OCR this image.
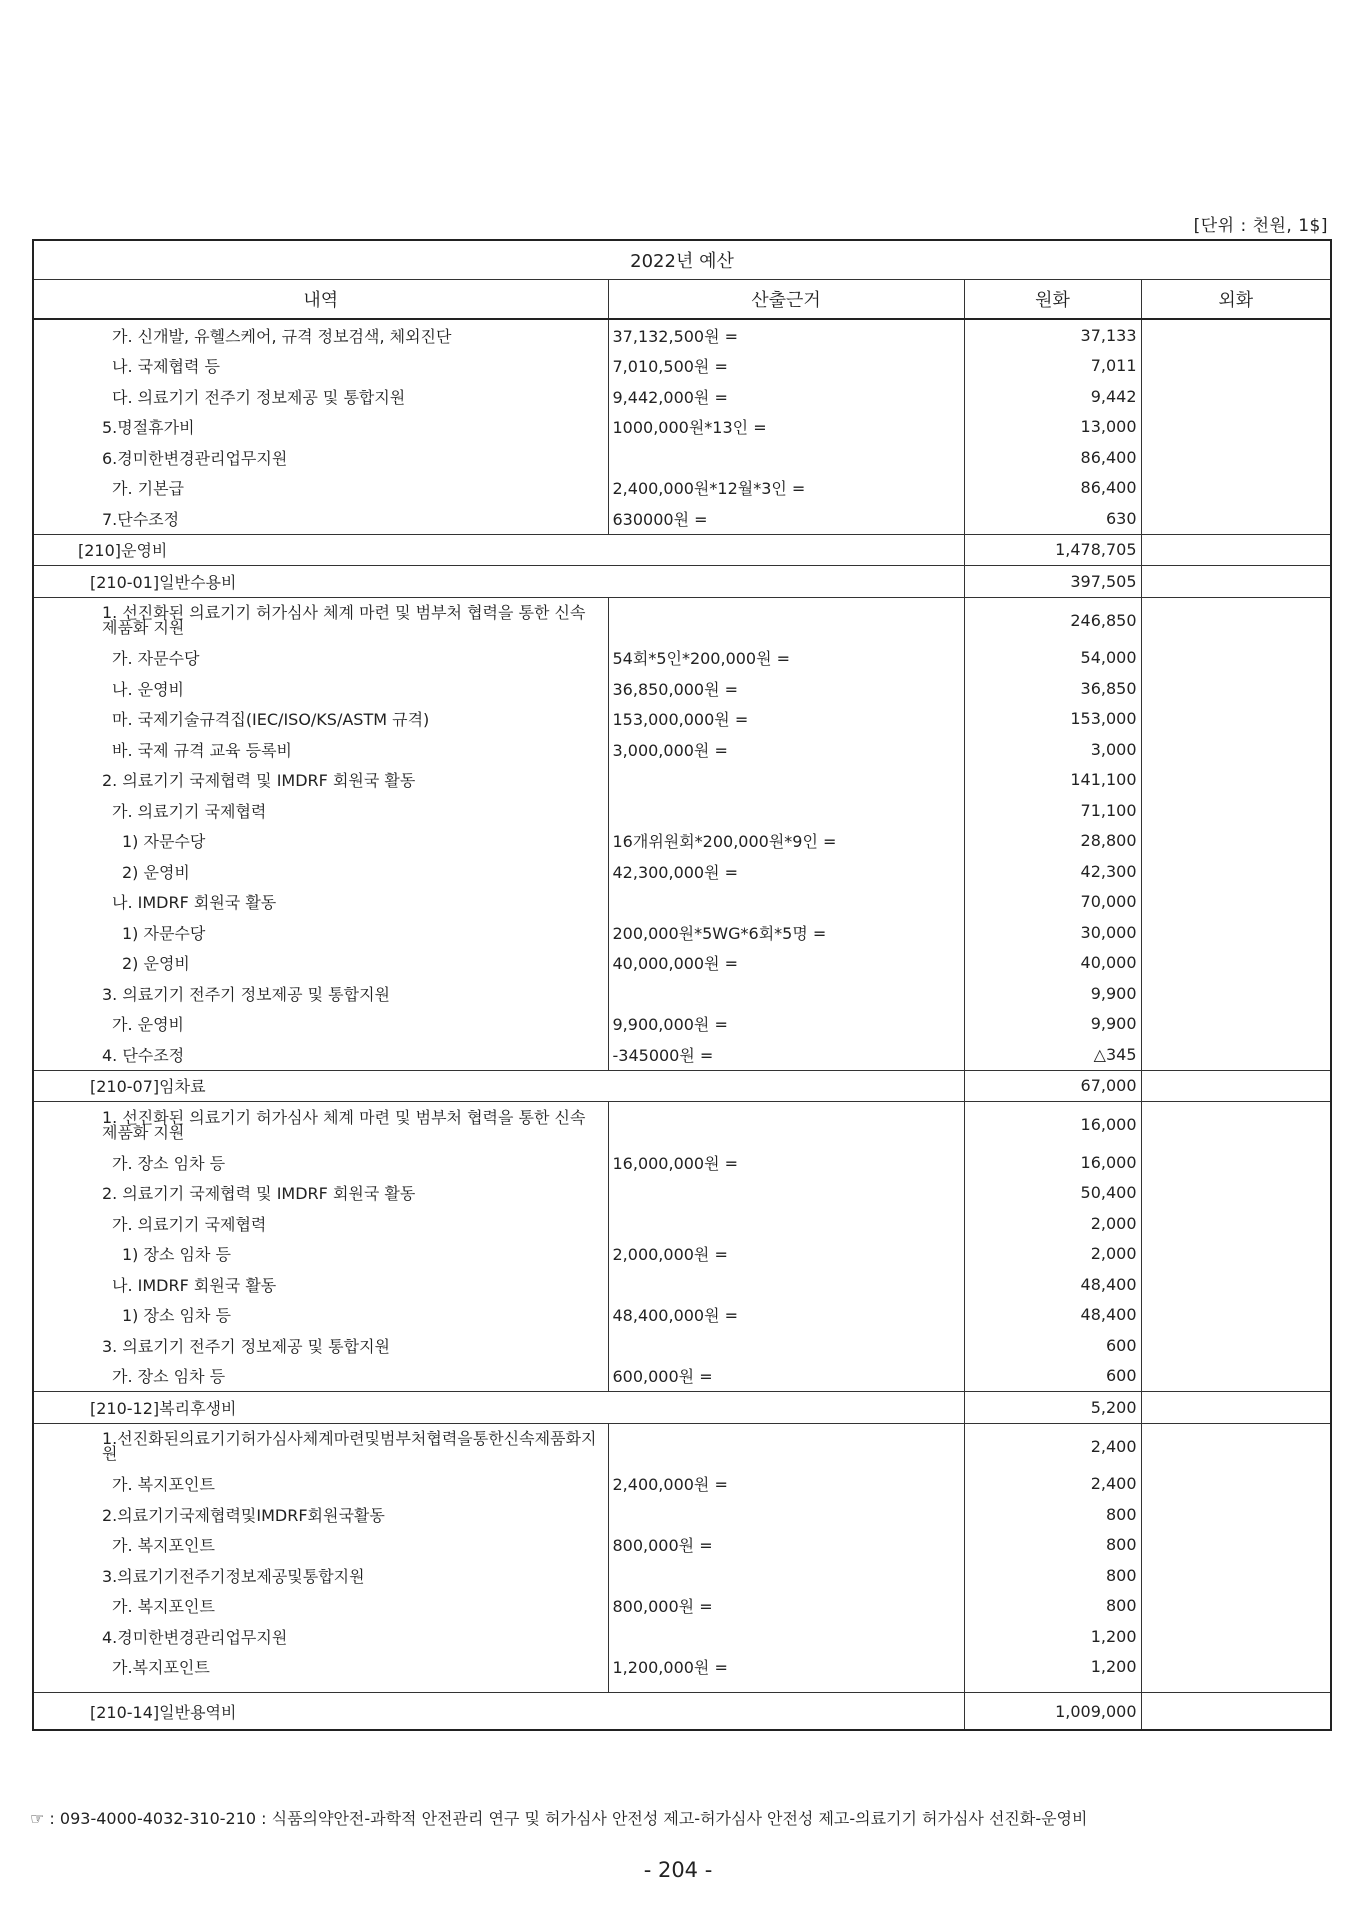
[단위 : 천원, 1$]
2022년 예산			
내역	산출근거	원화	외화
가. 신개발, 유헬스케어, 규격 정보검색, 체외진단	37,132,500원 =	37,133	
나. 국제협력 등	7,010,500원 =	7,011	
다. 의료기기 전주기 정보제공 및 통합지원	9,442,000원 =	9,442	
5.명절휴가비	1000,000원*13인 =	13,000	
6.경미한변경관리업무지원		86,400	
가. 기본급	2,400,000원*12월*3인 =	86,400	
7.단수조정	630000원 =	630	
[210]운영비		1,478,705	
[210-01]일반수용비		397,505	
1. 선진화된 의료기기 허가심사 체계 마련 및 범부처 협력을 통한 신속 제품화 지원		246,850	
가. 자문수당	54회*5인*200,000원 =	54,000	
나. 운영비	36,850,000원 =	36,850	
마. 국제기술규격집(IEC/ISO/KS/ASTM 규격)	153,000,000원 =	153,000	
바. 국제 규격 교육 등록비	3,000,000원 =	3,000	
2. 의료기기 국제협력 및 IMDRF 회원국 활동		141,100	
가. 의료기기 국제협력		71,100	
1) 자문수당	16개위원회*200,000원*9인 =	28,800	
2) 운영비	42,300,000원 =	42,300	
나. IMDRF 회원국 활동		70,000	
1) 자문수당	200,000원*5WG*6회*5명 =	30,000	
2) 운영비	40,000,000원 =	40,000	
3. 의료기기 전주기 정보제공 및 통합지원		9,900	
가. 운영비	9,900,000원 =	9,900	
4. 단수조정	-345000원 =	△345	
[210-07]임차료		67,000	
1. 선진화된 의료기기 허가심사 체계 마련 및 범부처 협력을 통한 신속 제품화 지원		16,000	
가. 장소 임차 등	16,000,000원 =	16,000	
2. 의료기기 국제협력 및 IMDRF 회원국 활동		50,400	
가. 의료기기 국제협력		2,000	
1) 장소 임차 등	2,000,000원 =	2,000	
나. IMDRF 회원국 활동		48,400	
1) 장소 임차 등	48,400,000원 =	48,400	
3. 의료기기 전주기 정보제공 및 통합지원		600	
가. 장소 임차 등	600,000원 =	600	
[210-12]복리후생비		5,200	
1.선진화된의료기기허가심사체계마련및범부처협력을통한신속제품화지원		2,400	
가. 복지포인트	2,400,000원 =	2,400	
2.의료기기국제협력및IMDRF회원국활동		800	
가. 복지포인트	800,000원 =	800	
3.의료기기전주기정보제공및통합지원		800	
가. 복지포인트	800,000원 =	800	
4.경미한변경관리업무지원		1,200	
가.복지포인트	1,200,000원 =	1,200	

[210-14]일반용역비		1,009,000	
☞ : 093-4000-4032-310-210 : 식품의약안전-과학적 안전관리 연구 및 허가심사 안전성 제고-허가심사 안전성 제고-의료기기 허가심사 선진화-운영비
- 204 -
